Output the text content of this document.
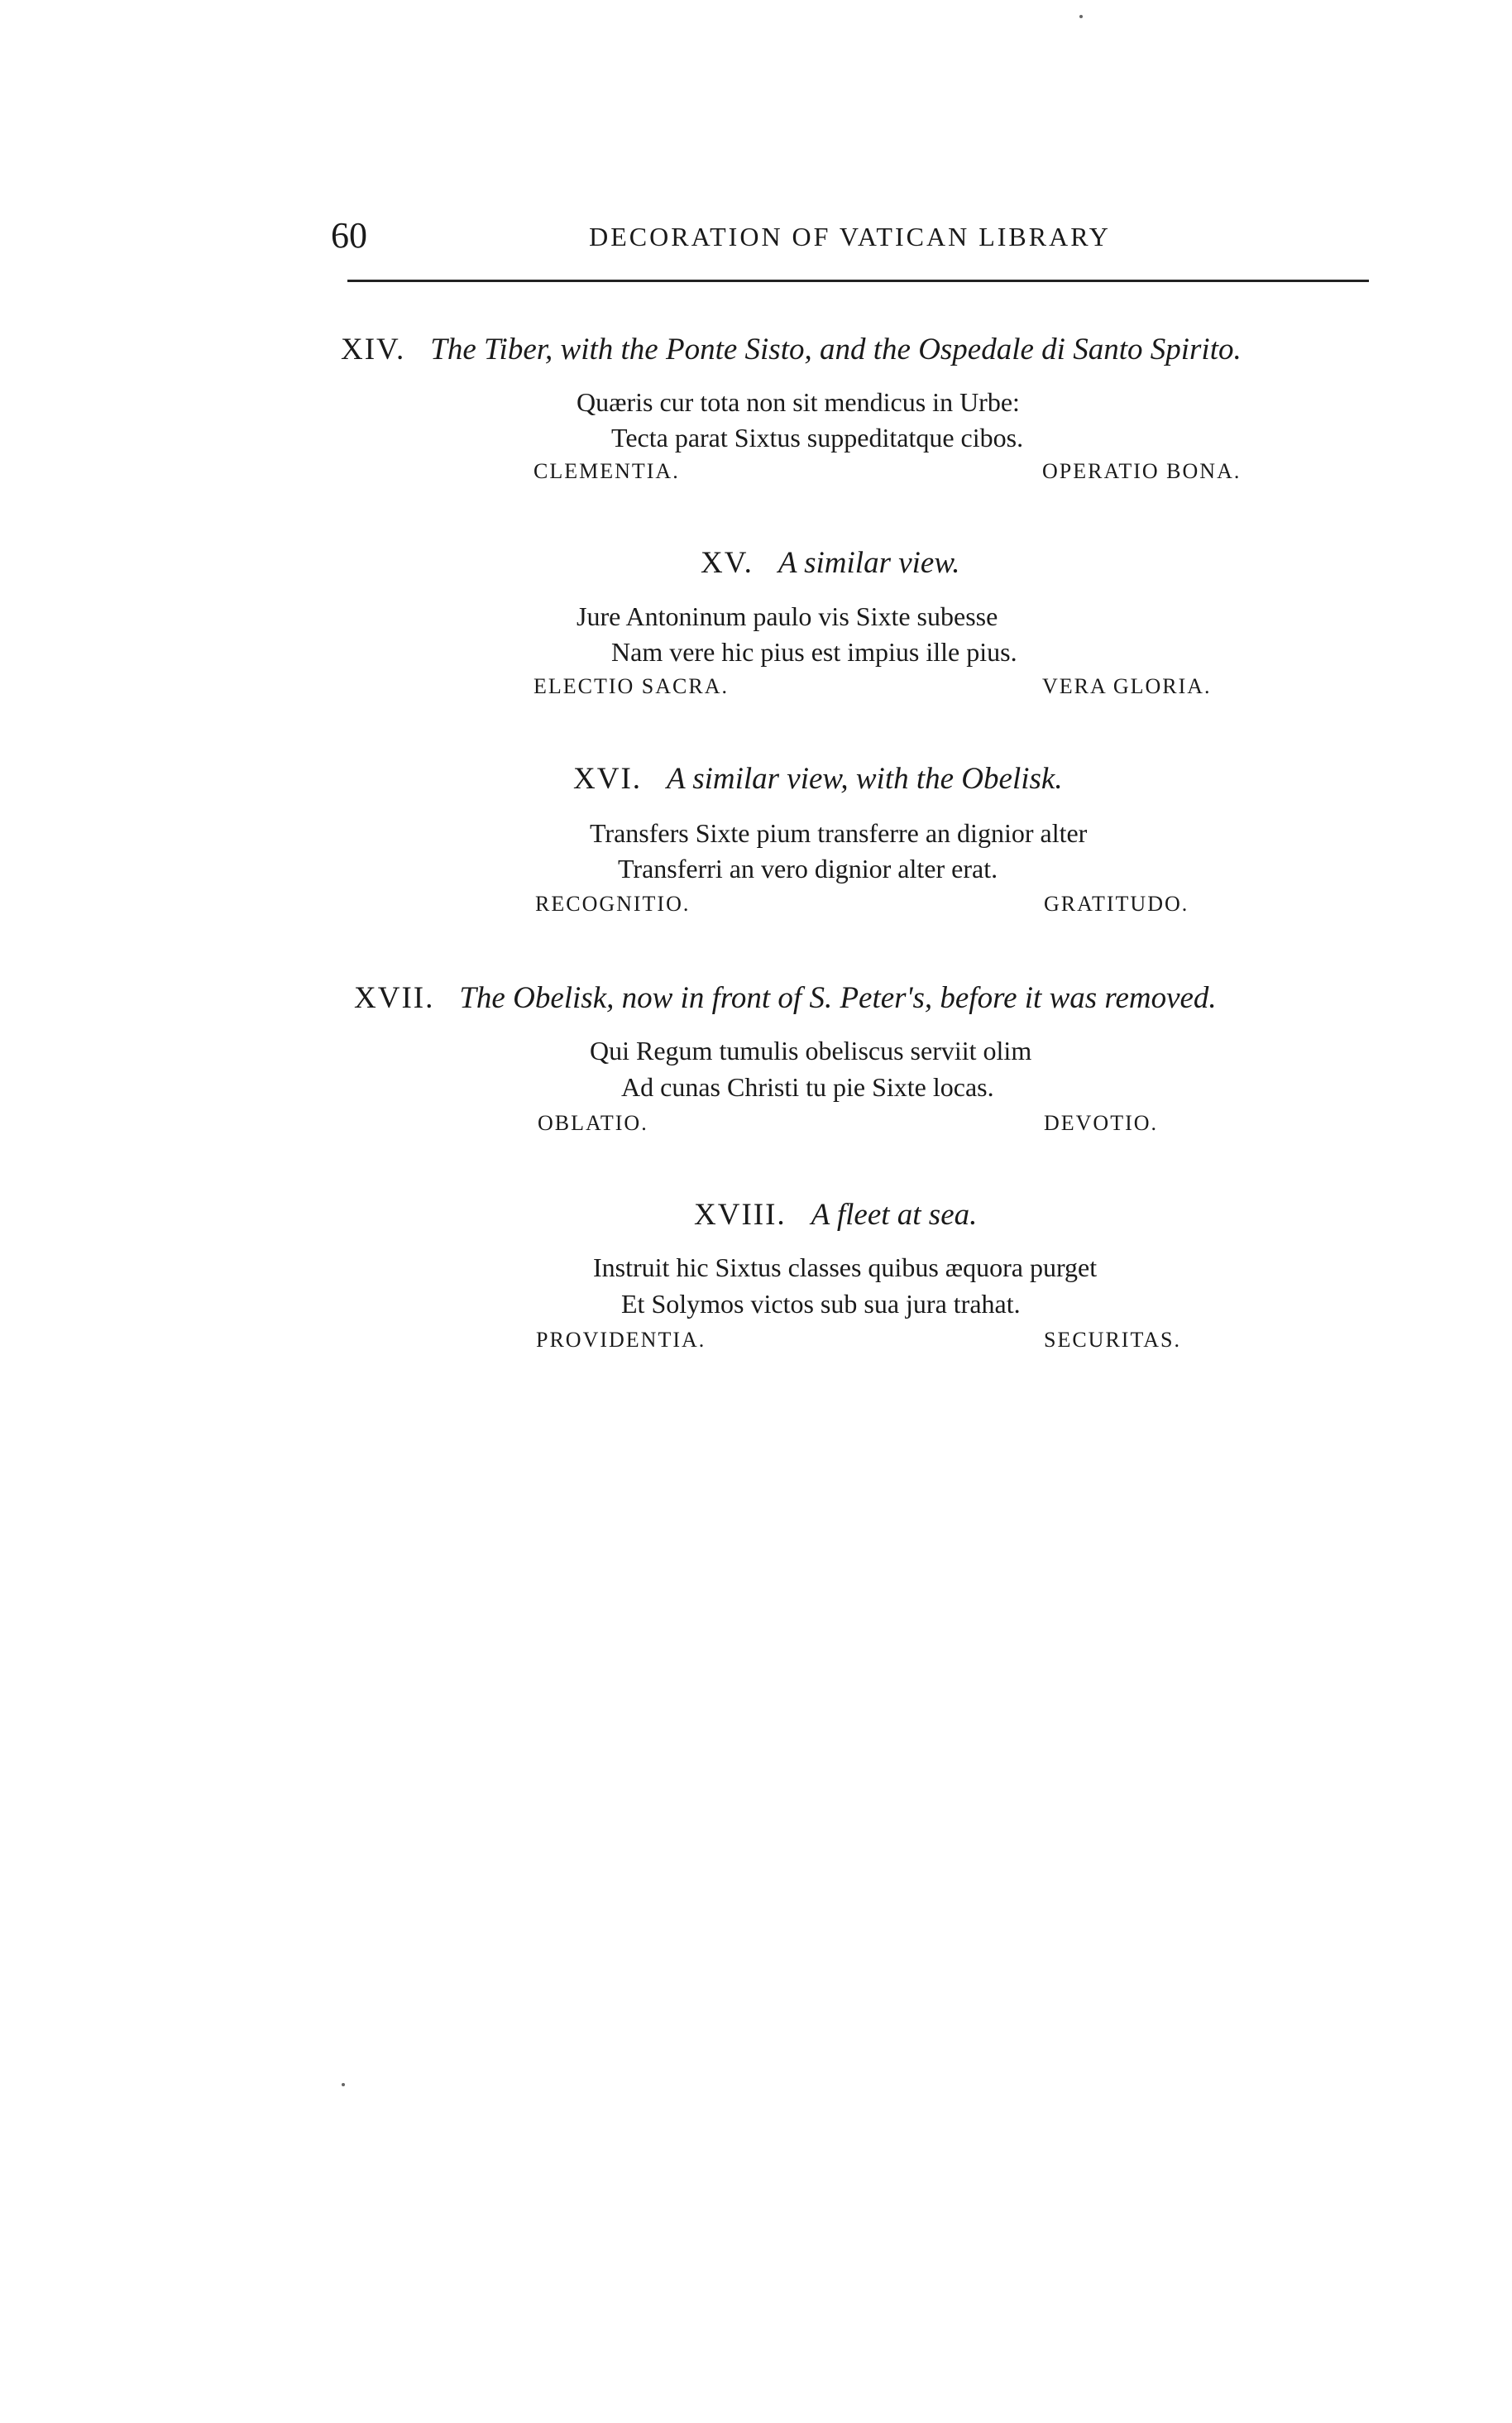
60	DECORATION OF VATICAN LIBRARY
XIV. The Tiber, with the Ponte Sisto, and the Ospedale di Santo Spirito.
Quæris cur tota non sit mendicus in Urbe:
Tecta parat Sixtus suppeditatque cibos.
CLEMENTIA.	OPERATIO BONA.
XV. A similar view.
Jure Antoninum paulo vis Sixte subesse
Nam vere hic pius est impius ille pius.
ELECTIO SACRA.	VERA GLORIA.
XVI. A similar view, with the Obelisk.
Transfers Sixte pium transferre an dignior alter
Transferri an vero dignior alter erat.
RECOGNITIO.	GRATITUDO.
XVII. The Obelisk, now in front of S. Peter's, before it was removed.
Qui Regum tumulis obeliscus serviit olim
Ad cunas Christi tu pie Sixte locas.
OBLATIO.	DEVOTIO.
XVIII. A fleet at sea.
Instruit hic Sixtus classes quibus æquora purget
Et Solymos victos sub sua jura trahat.
PROVIDENTIA.	SECURITAS.
